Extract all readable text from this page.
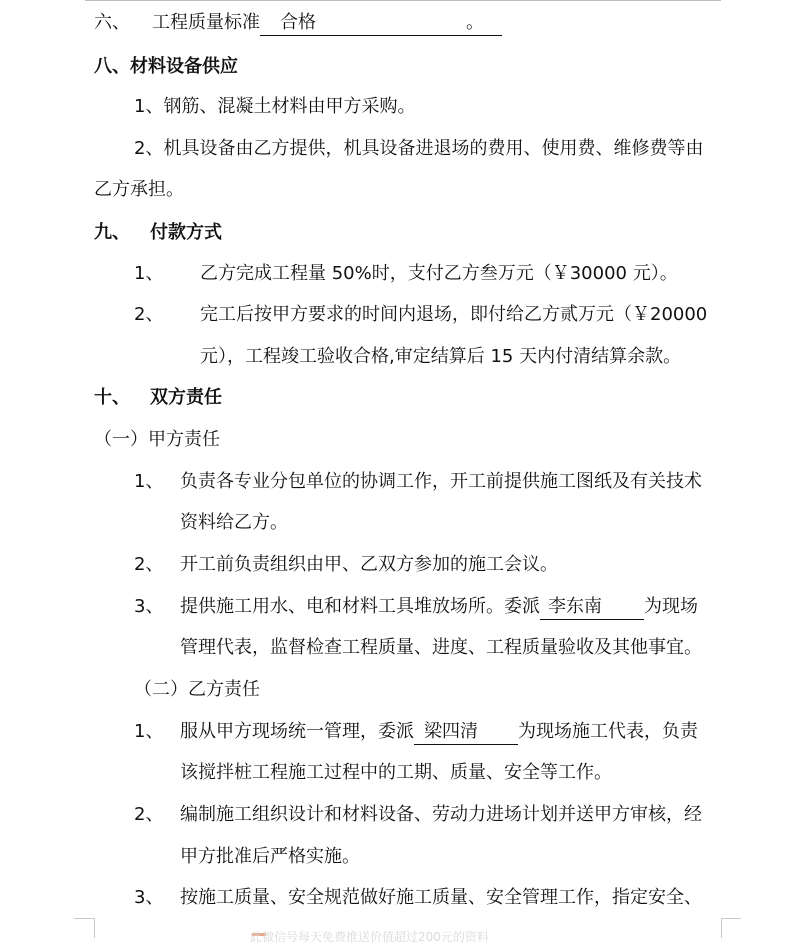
六、 工程质量标准 合格	。
八、材料设备供应
1、钢筋、混凝土材料由甲方采购。
2、机具设备由乙方提供，机具设备进退场的费用、使用费、维修费等由
乙方承担。
九、 付款方式
1、 乙方完成工程量 50%时，支付乙方叁万元（￥30000 元）。
2、 完工后按甲方要求的时间内退场，即付给乙方贰万元（￥20000
元），工程竣工验收合格,审定结算后 15 天内付清结算余款。
十、 双方责任
（一）甲方责任
1、 负责各专业分包单位的协调工作，开工前提供施工图纸及有关技术
资料给乙方。
2、 开工前负责组织由甲、乙双方参加的施工会议。
3、 提供施工用水、电和材料工具堆放场所。委派 李东南 为现场
管理代表，监督检查工程质量、进度、工程质量验收及其他事宜。
（二）乙方责任
1、 服从甲方现场统一管理，委派 梁四清 为现场施工代表，负责
该搅拌桩工程施工过程中的工期、质量、安全等工作。
2、 编制施工组织设计和材料设备、劳动力进场计划并送甲方审核，经
甲方批准后严格实施。
3、 按施工质量、安全规范做好施工质量、安全管理工作，指定安全、
此微信号每天免费推送价值超过200元的资料
